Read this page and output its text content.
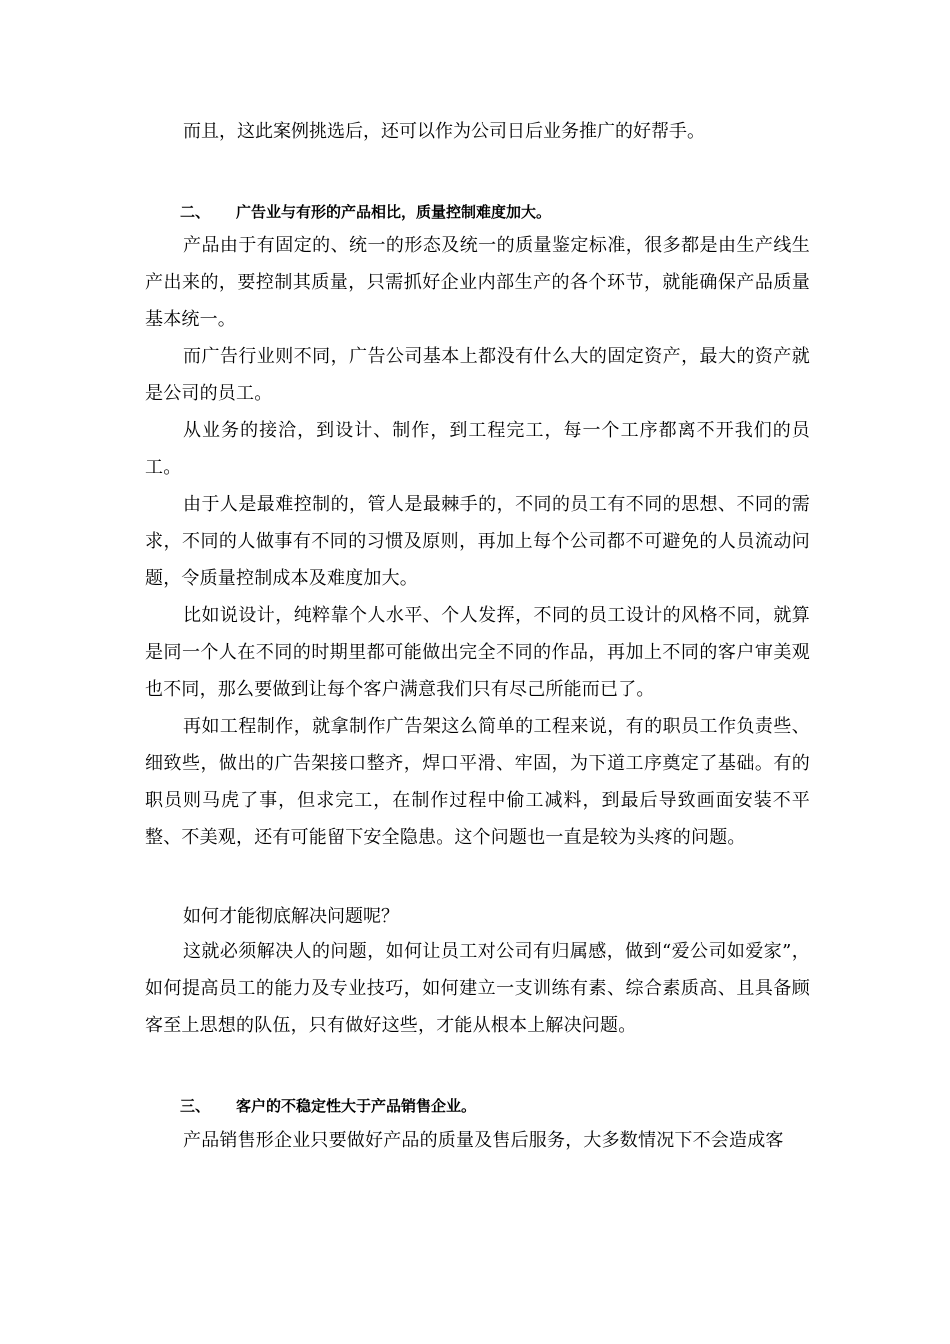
而且，这此案例挑选后，还可以作为公司日后业务推广的好帮手。

二、 广告业与有形的产品相比，质量控制难度加大。

产品由于有固定的、统一的形态及统一的质量鉴定标准，很多都是由生产线生产出来的，要控制其质量，只需抓好企业内部生产的各个环节，就能确保产品质量基本统一。

而广告行业则不同，广告公司基本上都没有什么大的固定资产，最大的资产就是公司的员工。

从业务的接洽，到设计、制作，到工程完工，每一个工序都离不开我们的员工。

由于人是最难控制的，管人是最棘手的，不同的员工有不同的思想、不同的需求，不同的人做事有不同的习惯及原则，再加上每个公司都不可避免的人员流动问题，令质量控制成本及难度加大。

比如说设计，纯粹靠个人水平、个人发挥，不同的员工设计的风格不同，就算是同一个人在不同的时期里都可能做出完全不同的作品，再加上不同的客户审美观也不同，那么要做到让每个客户满意我们只有尽己所能而已了。

再如工程制作，就拿制作广告架这么简单的工程来说，有的职员工作负责些、细致些，做出的广告架接口整齐，焊口平滑、牢固，为下道工序奠定了基础。有的职员则马虎了事，但求完工，在制作过程中偷工减料，到最后导致画面安装不平整、不美观，还有可能留下安全隐患。这个问题也一直是较为头疼的问题。

如何才能彻底解决问题呢？

这就必须解决人的问题，如何让员工对公司有归属感，做到“爱公司如爱家”，如何提高员工的能力及专业技巧，如何建立一支训练有素、综合素质高、且具备顾客至上思想的队伍，只有做好这些，才能从根本上解决问题。

三、 客户的不稳定性大于产品销售企业。

产品销售形企业只要做好产品的质量及售后服务，大多数情况下不会造成客
